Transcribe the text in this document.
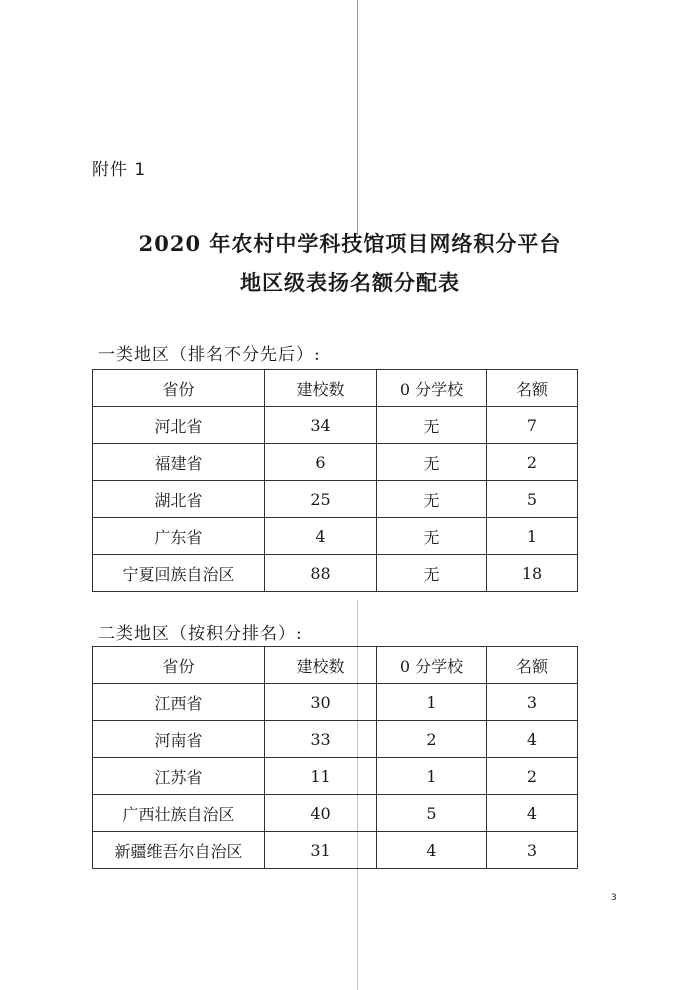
附件 1
2020 年农村中学科技馆项目网络积分平台
地区级表扬名额分配表
一类地区（排名不分先后）:
省份	建校数	0 分学校	名额
河北省	34	无	7
福建省	6	无	2
湖北省	25	无	5
广东省	4	无	1
宁夏回族自治区	88	无	18
二类地区（按积分排名）:
省份	建校数	0 分学校	名额
江西省	30	1	3
河南省	33	2	4
江苏省	11	1	2
广西壮族自治区	40	5	4
新疆维吾尔自治区	31	4	3
3
